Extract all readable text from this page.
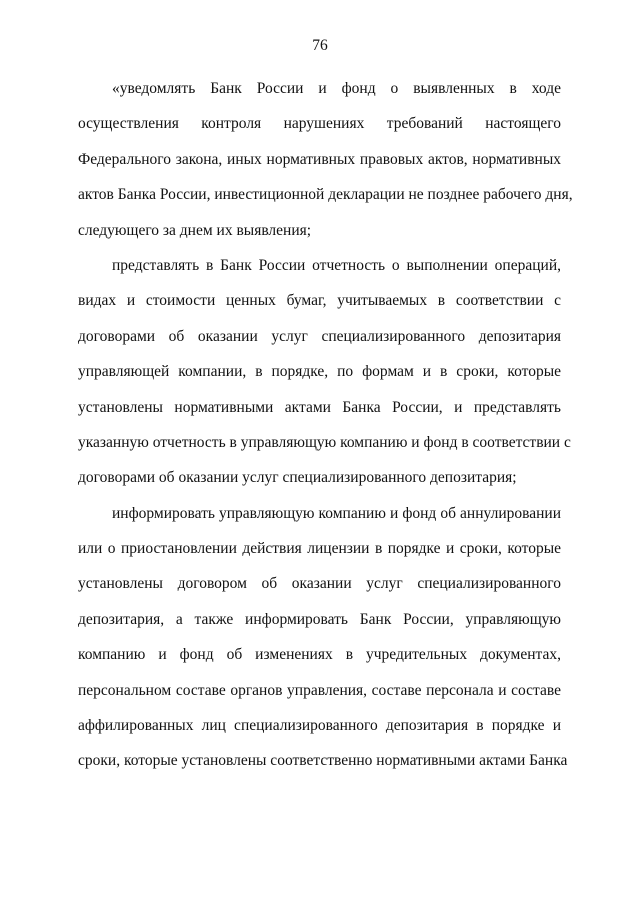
76

«уведомлять Банк России и фонд о выявленных в ходе
осуществления контроля нарушениях требований настоящего
Федерального закона, иных нормативных правовых актов, нормативных
актов Банка России, инвестиционной декларации не позднее рабочего дня,
следующего за днем их выявления;

представлять в Банк России отчетность о выполнении операций,
видах и стоимости ценных бумаг, учитываемых в соответствии с
договорами об оказании услуг специализированного депозитария
управляющей компании, в порядке, по формам и в сроки, которые
установлены нормативными актами Банка России, и представлять
указанную отчетность в управляющую компанию и фонд в соответствии с
договорами об оказании услуг специализированного депозитария;

информировать управляющую компанию и фонд об аннулировании
или о приостановлении действия лицензии в порядке и сроки, которые
установлены договором об оказании услуг специализированного
депозитария, а также информировать Банк России, управляющую
компанию и фонд об изменениях в учредительных документах,
персональном составе органов управления, составе персонала и составе
аффилированных лиц специализированного депозитария в порядке и
сроки, которые установлены соответственно нормативными актами Банка
